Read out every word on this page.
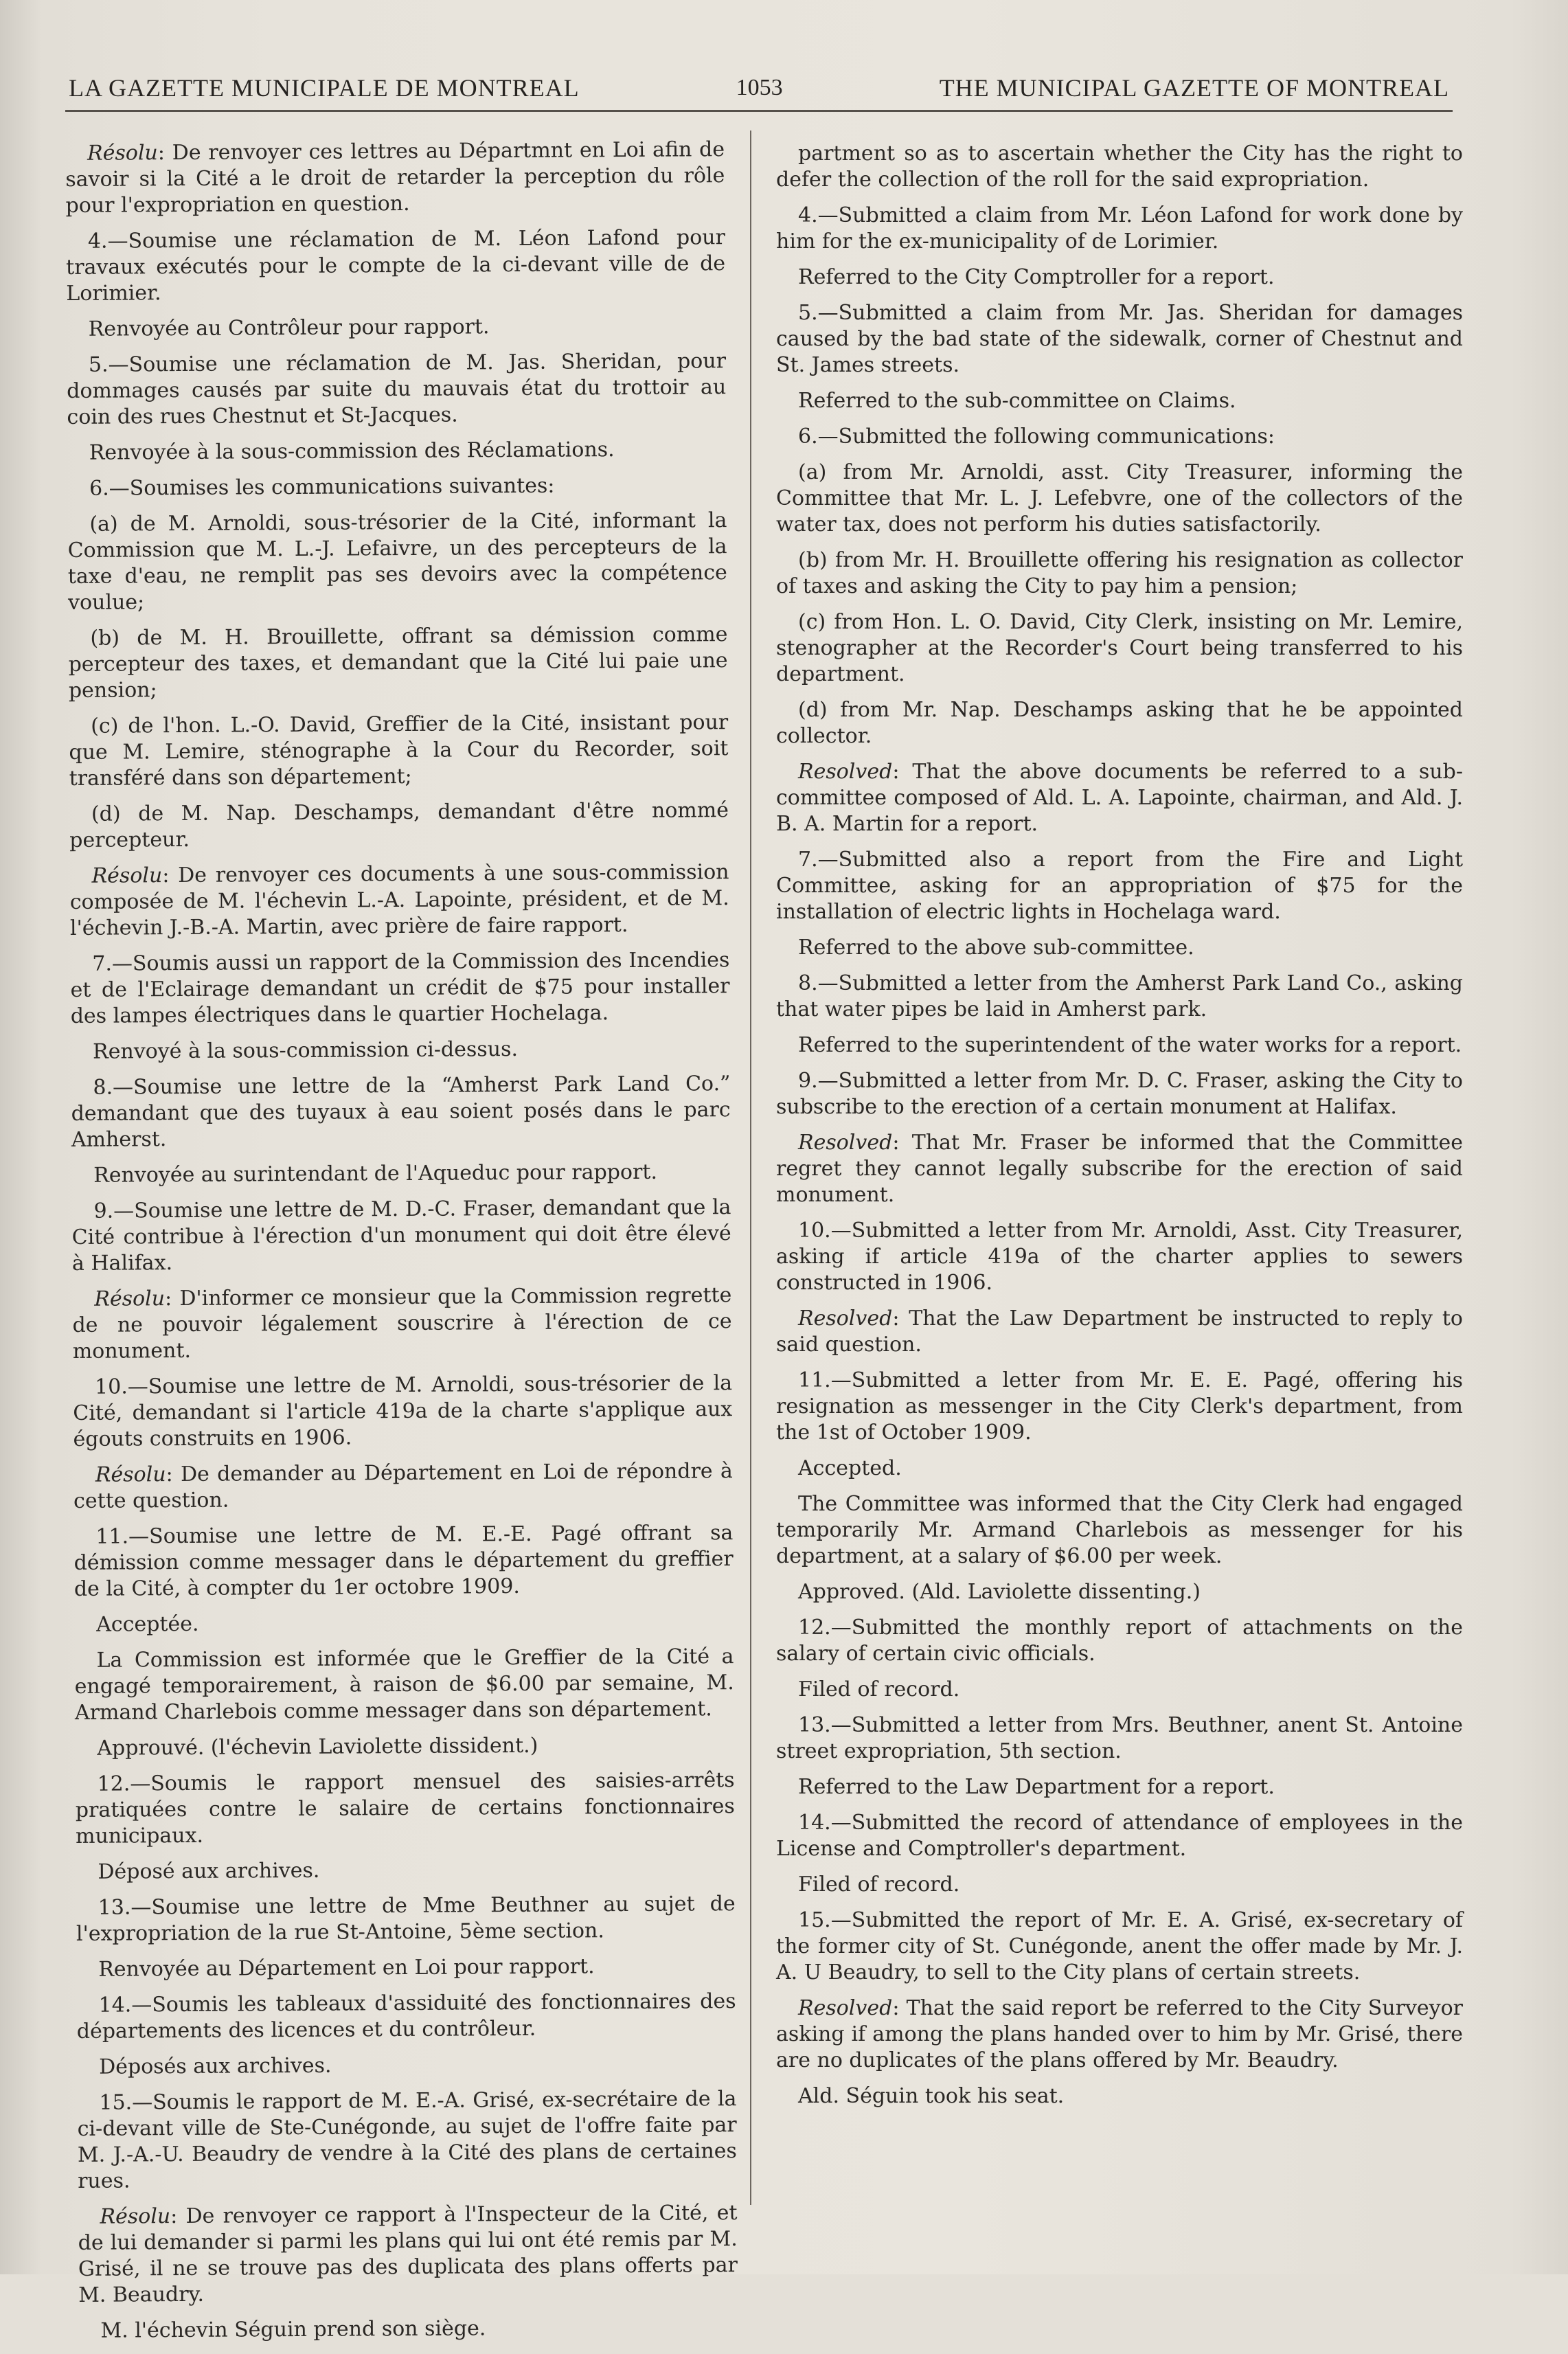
LA GAZETTE MUNICIPALE DE MONTREAL	1053	THE MUNICIPAL GAZETTE OF MONTREAL

Résolu: De renvoyer ces lettres au Départmnt en Loi afin de savoir si la Cité a le droit de retarder la perception du rôle pour l'expropriation en question.

4.—Soumise une réclamation de M. Léon Lafond pour travaux exécutés pour le compte de la ci-devant ville de de Lorimier.

Renvoyée au Contrôleur pour rapport.

5.—Soumise une réclamation de M. Jas. Sheridan, pour dommages causés par suite du mauvais état du trottoir au coin des rues Chestnut et St-Jacques.

Renvoyée à la sous-commission des Réclamations.

6.—Soumises les communications suivantes:

(a) de M. Arnoldi, sous-trésorier de la Cité, informant la Commission que M. L.-J. Lefaivre, un des percepteurs de la taxe d'eau, ne remplit pas ses devoirs avec la compétence voulue;

(b) de M. H. Brouillette, offrant sa démission comme percepteur des taxes, et demandant que la Cité lui paie une pension;

(c) de l'hon. L.-O. David, Greffier de la Cité, insistant pour que M. Lemire, sténographe à la Cour du Recorder, soit transféré dans son département;

(d) de M. Nap. Deschamps, demandant d'être nommé percepteur.

Résolu: De renvoyer ces documents à une sous-commission composée de M. l'échevin L.-A. Lapointe, président, et de M. l'échevin J.-B.-A. Martin, avec prière de faire rapport.

7.—Soumis aussi un rapport de la Commission des Incendies et de l'Eclairage demandant un crédit de $75 pour installer des lampes électriques dans le quartier Hochelaga.

Renvoyé à la sous-commission ci-dessus.

8.—Soumise une lettre de la “Amherst Park Land Co.” demandant que des tuyaux à eau soient posés dans le parc Amherst.

Renvoyée au surintendant de l'Aqueduc pour rapport.

9.—Soumise une lettre de M. D.-C. Fraser, demandant que la Cité contribue à l'érection d'un monument qui doit être élevé à Halifax.

Résolu: D'informer ce monsieur que la Commission regrette de ne pouvoir légalement souscrire à l'érection de ce monument.

10.—Soumise une lettre de M. Arnoldi, sous-trésorier de la Cité, demandant si l'article 419a de la charte s'applique aux égouts construits en 1906.

Résolu: De demander au Département en Loi de répondre à cette question.

11.—Soumise une lettre de M. E.-E. Pagé offrant sa démission comme messager dans le département du greffier de la Cité, à compter du 1er octobre 1909.

Acceptée.

La Commission est informée que le Greffier de la Cité a engagé temporairement, à raison de $6.00 par semaine, M. Armand Charlebois comme messager dans son département.

Approuvé. (l'échevin Laviolette dissident.)

12.—Soumis le rapport mensuel des saisies-arrêts pratiquées contre le salaire de certains fonctionnaires municipaux.

Déposé aux archives.

13.—Soumise une lettre de Mme Beuthner au sujet de l'expropriation de la rue St-Antoine, 5ème section.

Renvoyée au Département en Loi pour rapport.

14.—Soumis les tableaux d'assiduité des fonctionnaires des départements des licences et du contrôleur.

Déposés aux archives.

15.—Soumis le rapport de M. E.-A. Grisé, ex-secrétaire de la ci-devant ville de Ste-Cunégonde, au sujet de l'offre faite par M. J.-A.-U. Beaudry de vendre à la Cité des plans de certaines rues.

Résolu: De renvoyer ce rapport à l'Inspecteur de la Cité, et de lui demander si parmi les plans qui lui ont été remis par M. Grisé, il ne se trouve pas des duplicata des plans offerts par M. Beaudry.

M. l'échevin Séguin prend son siège.

partment so as to ascertain whether the City has the right to defer the collection of the roll for the said expropriation.

4.—Submitted a claim from Mr. Léon Lafond for work done by him for the ex-municipality of de Lorimier.

Referred to the City Comptroller for a report.

5.—Submitted a claim from Mr. Jas. Sheridan for damages caused by the bad state of the sidewalk, corner of Chestnut and St. James streets.

Referred to the sub-committee on Claims.

6.—Submitted the following communications:

(a) from Mr. Arnoldi, asst. City Treasurer, informing the Committee that Mr. L. J. Lefebvre, one of the collectors of the water tax, does not perform his duties satisfactorily.

(b) from Mr. H. Brouillette offering his resignation as collector of taxes and asking the City to pay him a pension;

(c) from Hon. L. O. David, City Clerk, insisting on Mr. Lemire, stenographer at the Recorder's Court being transferred to his department.

(d) from Mr. Nap. Deschamps asking that he be appointed collector.

Resolved: That the above documents be referred to a sub-committee composed of Ald. L. A. Lapointe, chairman, and Ald. J. B. A. Martin for a report.

7.—Submitted also a report from the Fire and Light Committee, asking for an appropriation of $75 for the installation of electric lights in Hochelaga ward.

Referred to the above sub-committee.

8.—Submitted a letter from the Amherst Park Land Co., asking that water pipes be laid in Amherst park.

Referred to the superintendent of the water works for a report.

9.—Submitted a letter from Mr. D. C. Fraser, asking the City to subscribe to the erection of a certain monument at Halifax.

Resolved: That Mr. Fraser be informed that the Committee regret they cannot legally subscribe for the erection of said monument.

10.—Submitted a letter from Mr. Arnoldi, Asst. City Treasurer, asking if article 419a of the charter applies to sewers constructed in 1906.

Resolved: That the Law Department be instructed to reply to said question.

11.—Submitted a letter from Mr. E. E. Pagé, offering his resignation as messenger in the City Clerk's department, from the 1st of October 1909.

Accepted.

The Committee was informed that the City Clerk had engaged temporarily Mr. Armand Charlebois as messenger for his department, at a salary of $6.00 per week.

Approved. (Ald. Laviolette dissenting.)

12.—Submitted the monthly report of attachments on the salary of certain civic officials.

Filed of record.

13.—Submitted a letter from Mrs. Beuthner, anent St. Antoine street expropriation, 5th section.

Referred to the Law Department for a report.

14.—Submitted the record of attendance of employees in the License and Comptroller's department.

Filed of record.

15.—Submitted the report of Mr. E. A. Grisé, ex-secretary of the former city of St. Cunégonde, anent the offer made by Mr. J. A. U Beaudry, to sell to the City plans of certain streets.

Resolved: That the said report be referred to the City Surveyor asking if among the plans handed over to him by Mr. Grisé, there are no duplicates of the plans offered by Mr. Beaudry.

Ald. Séguin took his seat.
